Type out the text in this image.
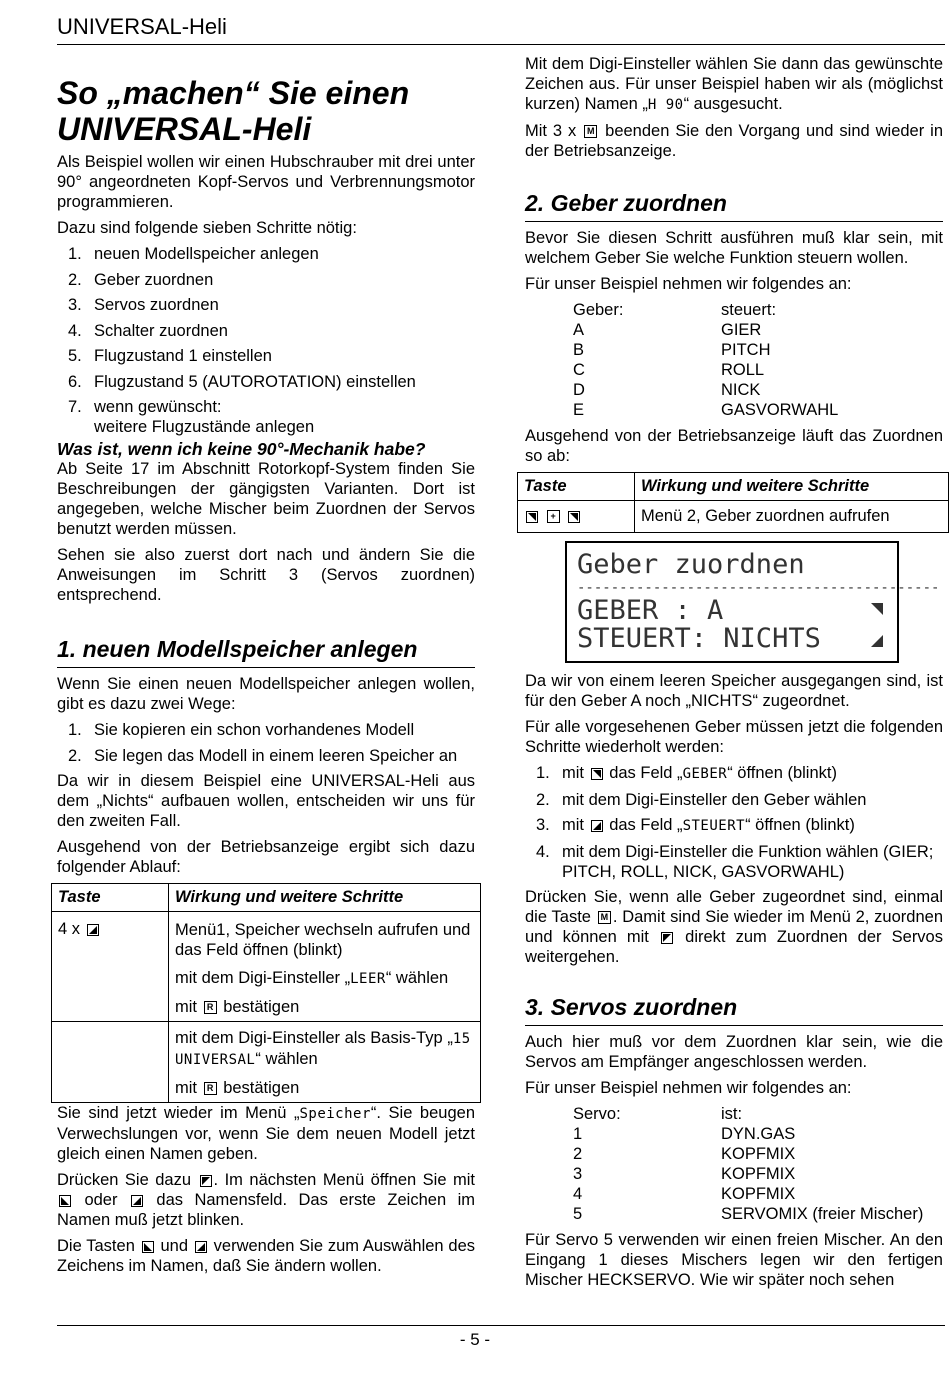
UNIVERSAL-Heli
So „machen“ Sie einen UNIVERSAL-Heli

Als Beispiel wollen wir einen Hubschrauber mit drei unter 90° angeordneten Kopf-Servos und Verbrennungsmotor programmieren.

Dazu sind folgende sieben Schritte nötig:

1. neuen Modellspeicher anlegen
2. Geber zuordnen
3. Servos zuordnen
4. Schalter zuordnen
5. Flugzustand 1 einstellen
6. Flugzustand 5 (AUTOROTATION) einstellen
7. wenn gewünscht:
weitere Flugzustände anlegen
Was ist, wenn ich keine 90°-Mechanik habe?

Ab Seite 17 im Abschnitt Rotorkopf-System finden Sie Beschreibungen der gängigsten Varianten. Dort ist angegeben, welche Mischer beim Zuordnen der Servos benutzt werden müssen.

Sehen sie also zuerst dort nach und ändern Sie die Anweisungen im Schritt 3 (Servos zuordnen) entsprechend.

1. neuen Modellspeicher anlegen

Wenn Sie einen neuen Modellspeicher anlegen wollen, gibt es dazu zwei Wege:

1. Sie kopieren ein schon vorhandenes Modell
2. Sie legen das Modell in einem leeren Speicher an

Da wir in diesem Beispiel eine UNIVERSAL-Heli aus dem „Nichts“ aufbauen wollen, entscheiden wir uns für den zweiten Fall.

Ausgehend von der Betriebsanzeige ergibt sich dazu folgender Ablauf:

Taste	Wirkung und weitere Schritte
4 x	Menü1, Speicher wechseln aufrufen und das Feld öffnen (blinkt)
mit dem Digi-Einsteller „LEER“ wählen
mit R bestätigen

	mit dem Digi-Einsteller als Basis-Typ „15 UNIVERSAL“ wählen
mit R bestätigen

Sie sind jetzt wieder im Menü „Speicher“. Sie beugen Verwechslungen vor, wenn Sie dem neuen Modell jetzt gleich einen Namen geben.

Drücken Sie dazu . Im nächsten Menü öffnen Sie mit  oder das Namensfeld. Das erste Zeichen im Namen muß jetzt blinken.

Die Tasten und verwenden Sie zum Auswählen des Zeichens im Namen, daß Sie ändern wollen.

Mit dem Digi-Einsteller wählen Sie dann das gewünschte Zeichen aus. Für unser Beispiel haben wir als (möglichst kurzen) Namen „H 90“ ausgesucht.

Mit 3 x M beenden Sie den Vorgang und sind wieder in der Betriebsanzeige.

2. Geber zuordnen

Bevor Sie diesen Schritt ausführen muß klar sein, mit welchem Geber Sie welche Funktion steuern wollen.

Für unser Beispiel nehmen wir folgendes an:

Geber:	steuert:
A	GIER
B	PITCH
C	ROLL
D	NICK
E	GASVORWAHL

Ausgehend von der Betriebsanzeige läuft das Zuordnen so ab:

Taste	Wirkung und weitere Schritte
+	Menü 2, Geber zuordnen aufrufen
Geber zuordnen
-------------------------------------------
GEBER : A
STEUERT: NICHTS

Da wir von einem leeren Speicher ausgegangen sind, ist für den Geber A noch „NICHTS“ zugeordnet.

Für alle vorgesehenen Geber müssen jetzt die folgenden Schritte wiederholt werden:

1. mit das Feld „GEBER“ öffnen (blinkt)
2. mit dem Digi-Einsteller den Geber wählen
3. mit das Feld „STEUERT“ öffnen (blinkt)
4. mit dem Digi-Einsteller die Funktion wählen (GIER; PITCH, ROLL, NICK, GASVORWAHL)

Drücken Sie, wenn alle Geber zugeordnet sind, einmal die Taste M . Damit sind Sie wieder im Menü 2, zuordnen und können mit direkt zum Zuordnen der Servos weitergehen.

3. Servos zuordnen

Auch hier muß vor dem Zuordnen klar sein, wie die Servos am Empfänger angeschlossen werden.

Für unser Beispiel nehmen wir folgendes an:

Servo:	ist:
1	DYN.GAS
2	KOPFMIX
3	KOPFMIX
4	KOPFMIX
5	SERVOMIX (freier Mischer)

Für Servo 5 verwenden wir einen freien Mischer. An den Eingang 1 dieses Mischers legen wir den fertigen Mischer HECKSERVO. Wie wir später noch sehen

- 5 -
